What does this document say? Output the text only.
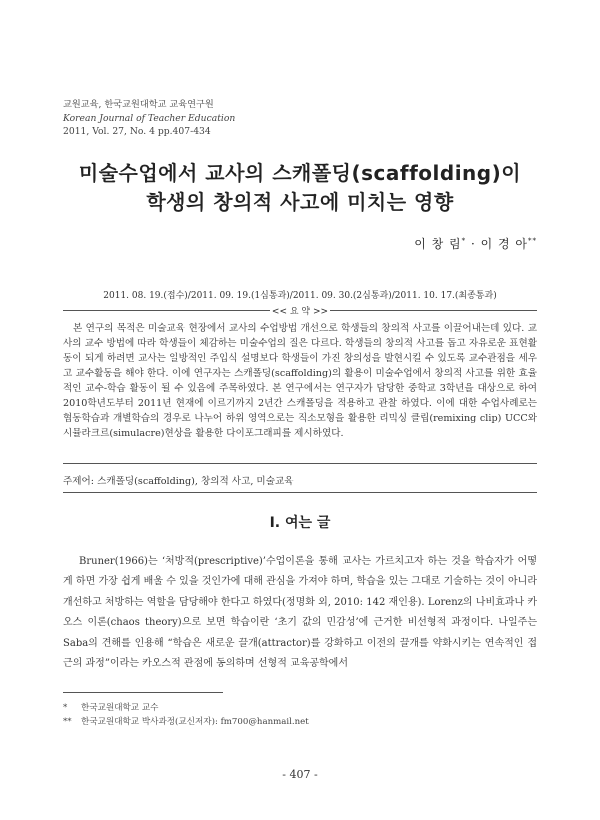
교원교육, 한국교원대학교 교육연구원
Korean Journal of Teacher Education
2011, Vol. 27, No. 4 pp.407-434
미술수업에서 교사의 스캐폴딩(scaffolding)이
학생의 창의적 사고에 미치는 영향
이 창 림* · 이 경 아**
2011. 08. 19.(접수)/2011. 09. 19.(1심통과)/2011. 09. 30.(2심통과)/2011. 10. 17.(최종통과)
<< 요 약 >>
본 연구의 목적은 미술교육 현장에서 교사의 수업방법 개선으로 학생들의 창의적 사고를 이끌어내는데 있다. 교사의 교수 방법에 따라 학생들이 체감하는 미술수업의 질은 다르다. 학생들의 창의적 사고를 돕고 자유로운 표현활동이 되게 하려면 교사는 일방적인 주입식 설명보다 학생들이 가진 창의성을 발현시킬 수 있도록 교수관점을 세우고 교수활동을 해야 한다. 이에 연구자는 스캐폴딩(scaffolding)의 활용이 미술수업에서 창의적 사고를 위한 효율적인 교수-학습 활동이 될 수 있음에 주목하였다. 본 연구에서는 연구자가 담당한 중학교 3학년을 대상으로 하여 2010학년도부터 2011년 현재에 이르기까지 2년간 스캐폴딩을 적용하고 관찰 하였다. 이에 대한 수업사례로는 협동학습과 개별학습의 경우로 나누어 하위 영역으로는 직소모형을 활용한 리믹싱 클립(remixing clip) UCC와 시뮬라크르(simulacre)현상을 활용한 다이포그래피를 제시하였다.
주제어: 스캐폴딩(scaffolding), 창의적 사고, 미술교육
Ⅰ. 여는 글
Bruner(1966)는 ‘처방적(prescriptive)’수업이론을 통해 교사는 가르치고자 하는 것을 학습자가 어떻게 하면 가장 쉽게 배울 수 있을 것인가에 대해 관심을 가져야 하며, 학습을 있는 그대로 기술하는 것이 아니라 개선하고 처방하는 역할을 담당해야 한다고 하였다(정명화 외, 2010: 142 재인용). Lorenz의 나비효과나 카오스 이론(chaos theory)으로 보면 학습이란 ‘초기 값의 민감성’에 근거한 비선형적 과정이다. 나일주는 Saba의 견해를 인용해 “학습은 새로운 끌개(attractor)를 강화하고 이전의 끌개를 약화시키는 연속적인 접근의 과정”이라는 카오스적 관점에 동의하며 선형적 교육공학에서
* 한국교원대학교 교수
** 한국교원대학교 박사과정(교신저자): fm700@hanmail.net
- 407 -
